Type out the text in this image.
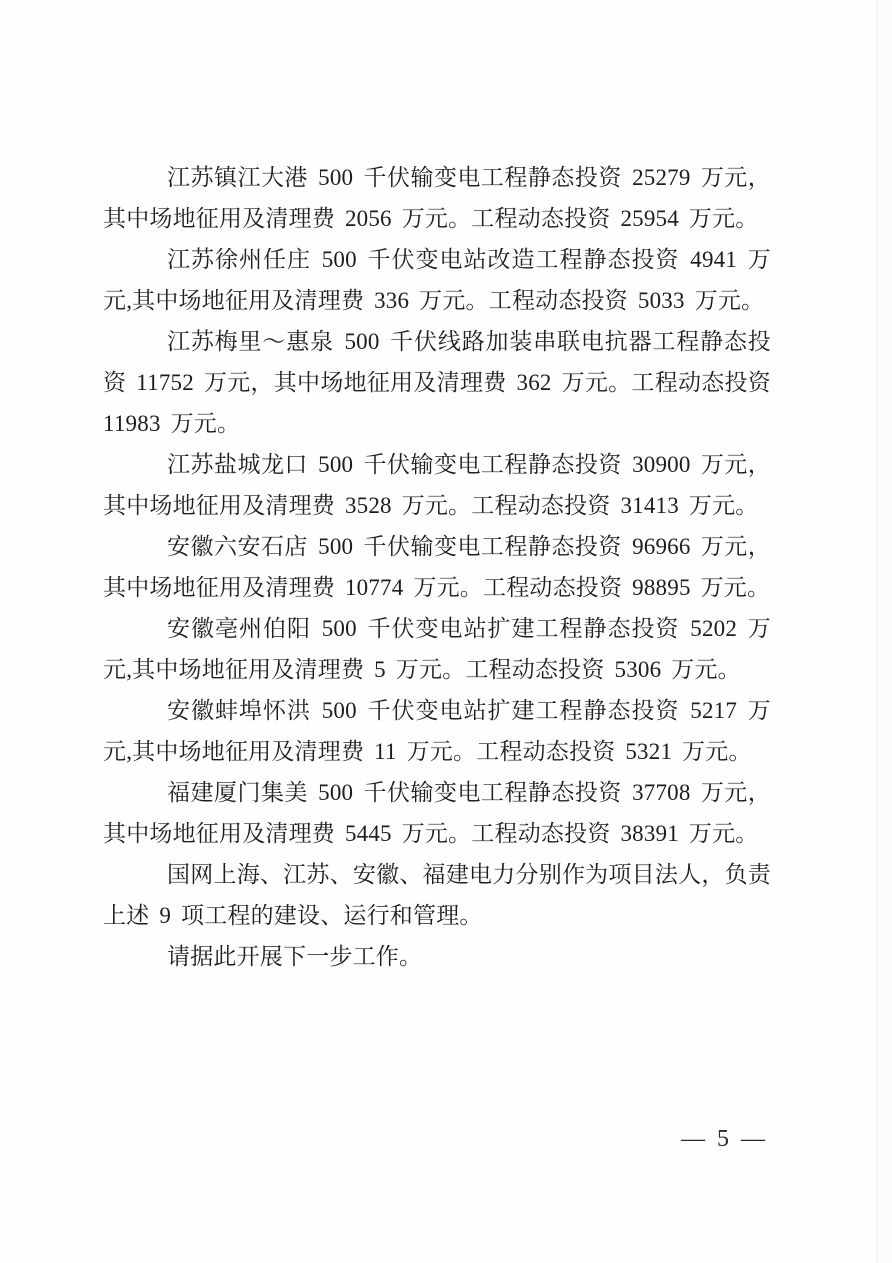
江苏镇江大港 500 千伏输变电工程静态投资 25279 万元，其中场地征用及清理费 2056 万元。工程动态投资 25954 万元。

江苏徐州任庄 500 千伏变电站改造工程静态投资 4941 万元,其中场地征用及清理费 336 万元。工程动态投资 5033 万元。

江苏梅里～惠泉 500 千伏线路加装串联电抗器工程静态投资 11752 万元，其中场地征用及清理费 362 万元。工程动态投资 11983 万元。

江苏盐城龙口 500 千伏输变电工程静态投资 30900 万元，其中场地征用及清理费 3528 万元。工程动态投资 31413 万元。

安徽六安石店 500 千伏输变电工程静态投资 96966 万元，其中场地征用及清理费 10774 万元。工程动态投资 98895 万元。

安徽亳州伯阳 500 千伏变电站扩建工程静态投资 5202 万元,其中场地征用及清理费 5 万元。工程动态投资 5306 万元。

安徽蚌埠怀洪 500 千伏变电站扩建工程静态投资 5217 万元,其中场地征用及清理费 11 万元。工程动态投资 5321 万元。

福建厦门集美 500 千伏输变电工程静态投资 37708 万元，其中场地征用及清理费 5445 万元。工程动态投资 38391 万元。

国网上海、江苏、安徽、福建电力分别作为项目法人，负责上述 9 项工程的建设、运行和管理。

请据此开展下一步工作。

— 5 —
